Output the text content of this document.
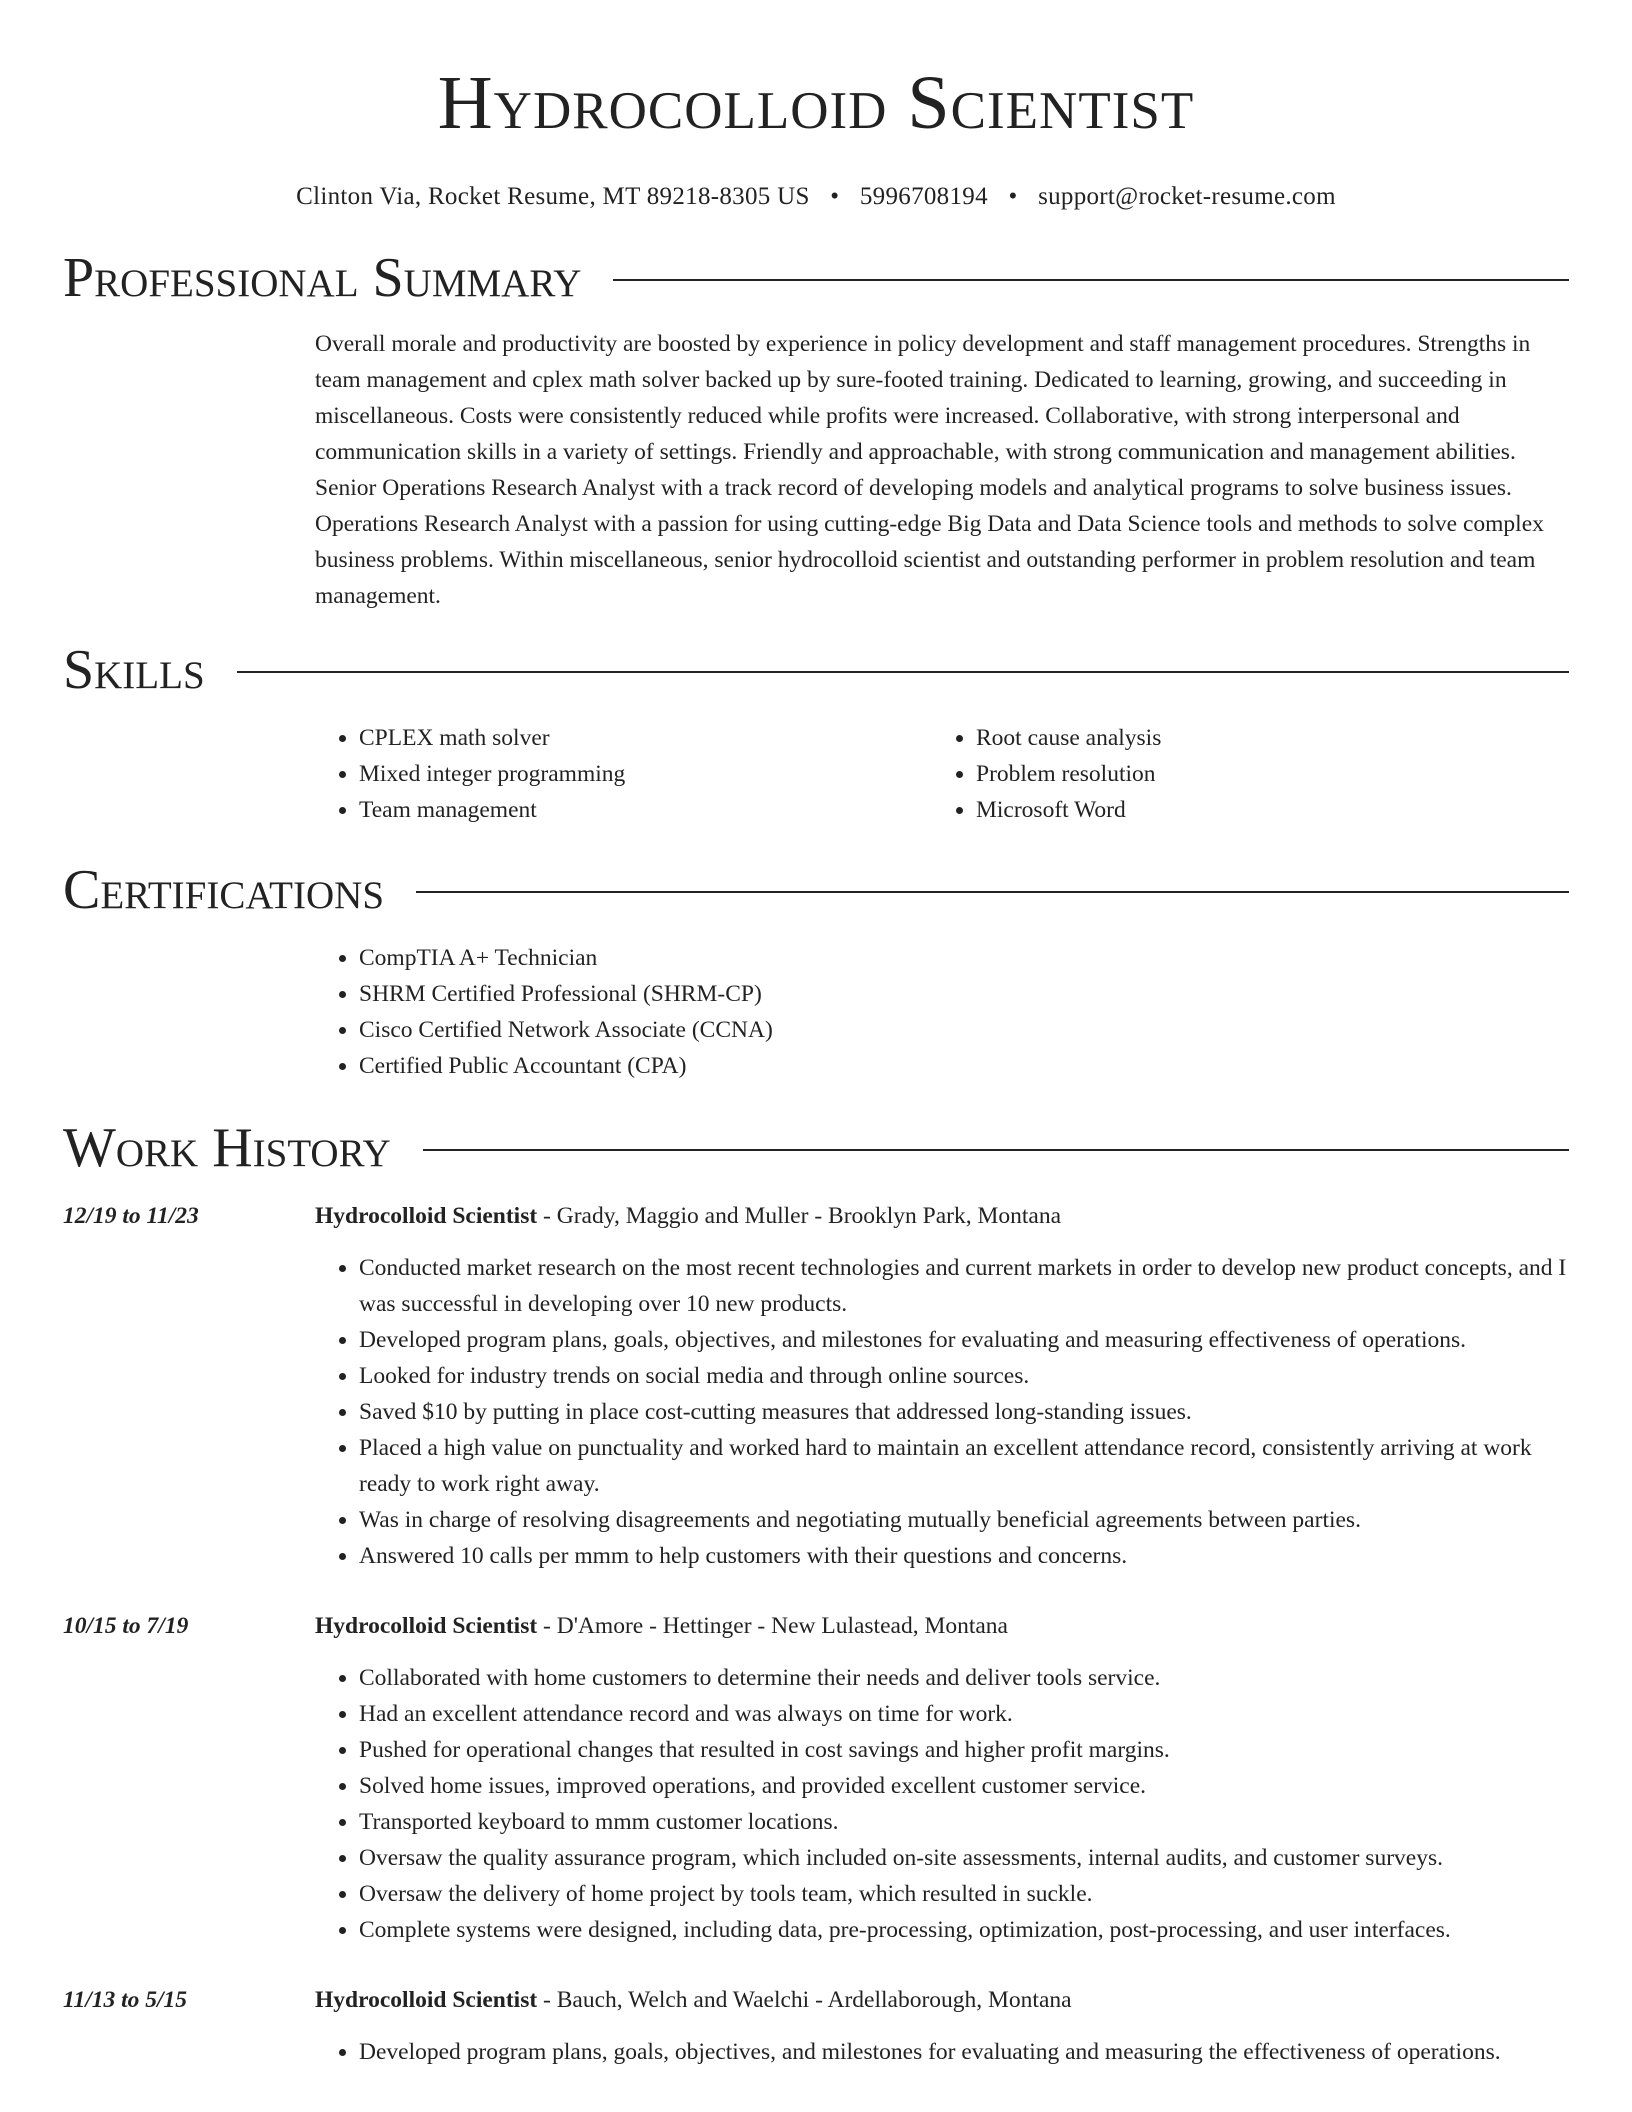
Hydrocolloid Scientist
Clinton Via, Rocket Resume, MT 89218-8305 US • 5996708194 • support@rocket-resume.com
Professional Summary

Overall morale and productivity are boosted by experience in policy development and staff management procedures. Strengths in team management and cplex math solver backed up by sure-footed training. Dedicated to learning, growing, and succeeding in miscellaneous. Costs were consistently reduced while profits were increased. Collaborative, with strong interpersonal and communication skills in a variety of settings. Friendly and approachable, with strong communication and management abilities. Senior Operations Research Analyst with a track record of developing models and analytical programs to solve business issues. Operations Research Analyst with a passion for using cutting-edge Big Data and Data Science tools and methods to solve complex business problems. Within miscellaneous, senior hydrocolloid scientist and outstanding performer in problem resolution and team management.

Skills
• CPLEX math solver
• Mixed integer programming
• Team management
• Root cause analysis
• Problem resolution
• Microsoft Word
Certifications
• CompTIA A+ Technician
• SHRM Certified Professional (SHRM-CP)
• Cisco Certified Network Associate (CCNA)
• Certified Public Accountant (CPA)
Work History
12/19 to 11/23	Hydrocolloid Scientist - Grady, Maggio and Muller - Brooklyn Park, Montana

• Conducted market research on the most recent technologies and current markets in order to develop new product concepts, and I was successful in developing over 10 new products.
• Developed program plans, goals, objectives, and milestones for evaluating and measuring effectiveness of operations.
• Looked for industry trends on social media and through online sources.
• Saved $10 by putting in place cost-cutting measures that addressed long-standing issues.
• Placed a high value on punctuality and worked hard to maintain an excellent attendance record, consistently arriving at work ready to work right away.
• Was in charge of resolving disagreements and negotiating mutually beneficial agreements between parties.
• Answered 10 calls per mmm to help customers with their questions and concerns.
10/15 to 7/19	Hydrocolloid Scientist - D'Amore - Hettinger - New Lulastead, Montana

• Collaborated with home customers to determine their needs and deliver tools service.
• Had an excellent attendance record and was always on time for work.
• Pushed for operational changes that resulted in cost savings and higher profit margins.
• Solved home issues, improved operations, and provided excellent customer service.
• Transported keyboard to mmm customer locations.
• Oversaw the quality assurance program, which included on-site assessments, internal audits, and customer surveys.
• Oversaw the delivery of home project by tools team, which resulted in suckle.
• Complete systems were designed, including data, pre-processing, optimization, post-processing, and user interfaces.
11/13 to 5/15	Hydrocolloid Scientist - Bauch, Welch and Waelchi - Ardellaborough, Montana

• Developed program plans, goals, objectives, and milestones for evaluating and measuring the effectiveness of operations.
